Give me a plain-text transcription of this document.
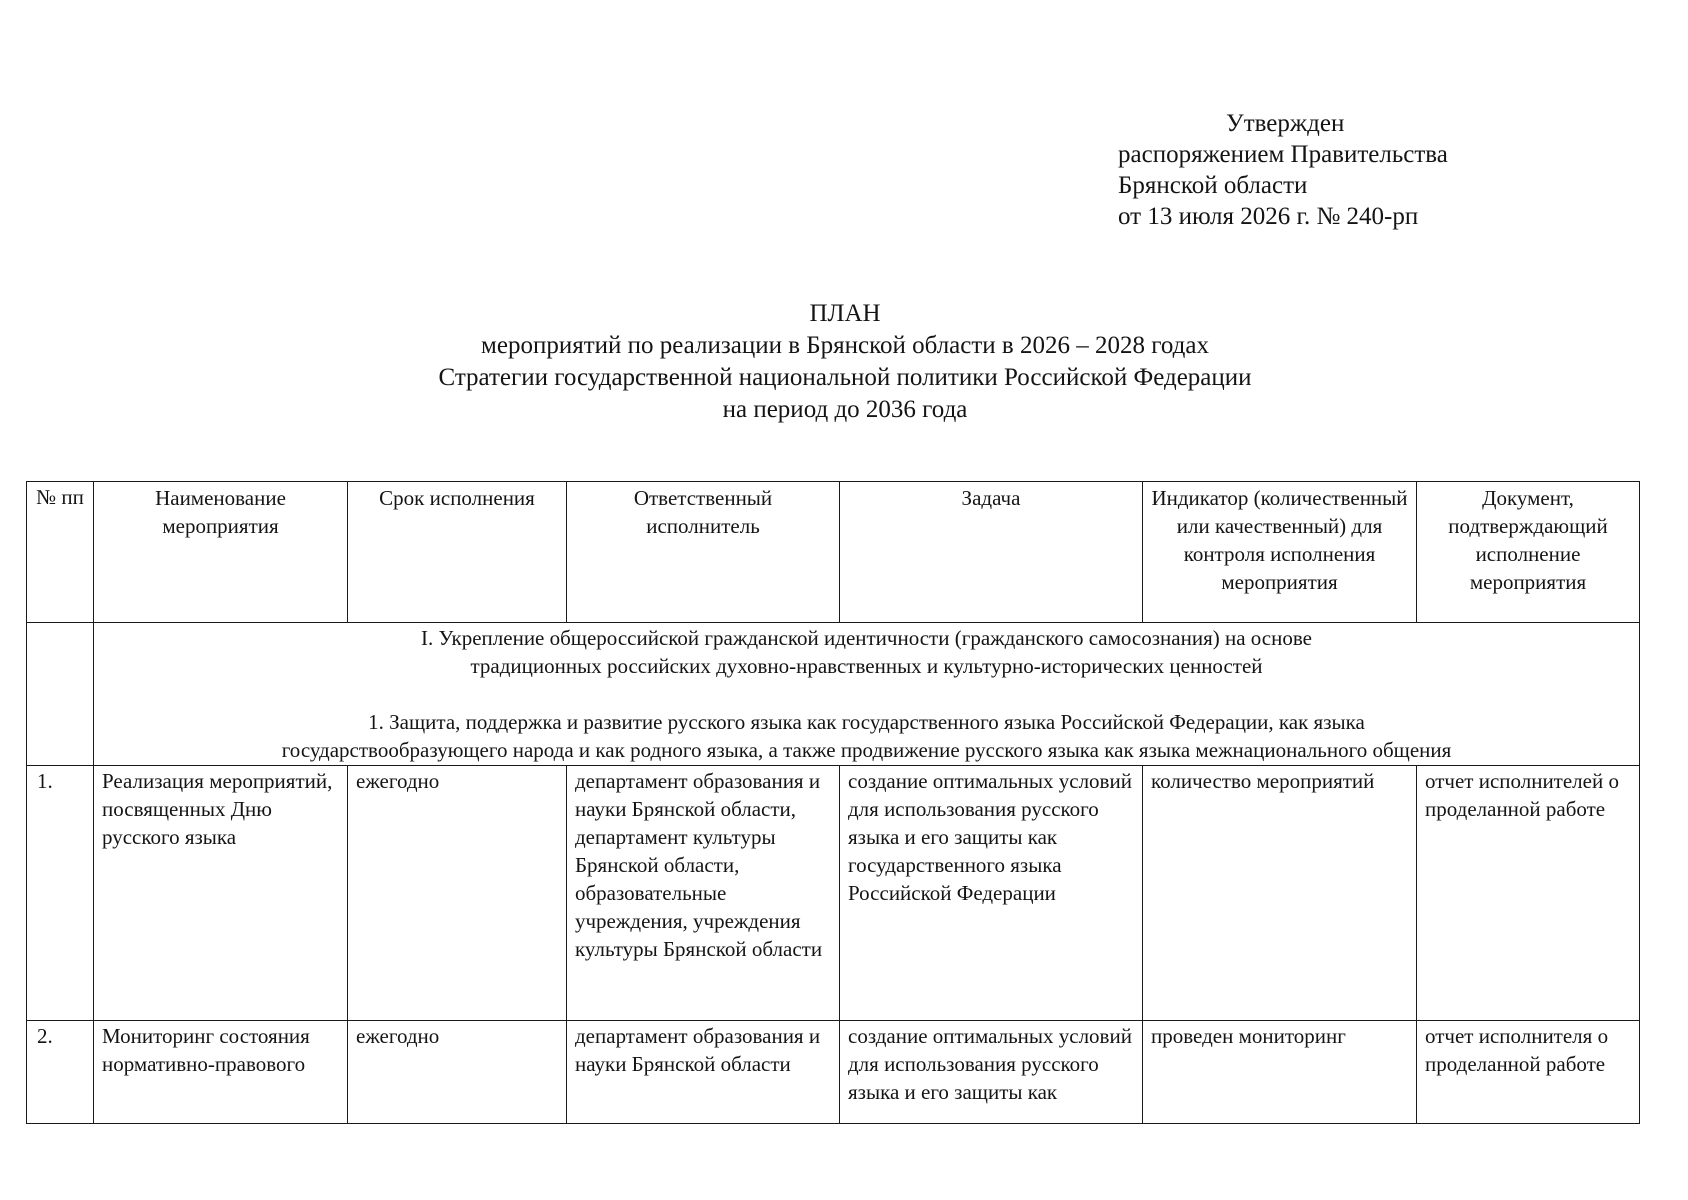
Утвержден
распоряжением Правительства
Брянской области
от 13 июля 2026 г. № 240-рп
ПЛАН
мероприятий по реализации в Брянской области в 2026 – 2028 годах
Стратегии государственной национальной политики Российской Федерации
на период до 2036 года
№ пп	Наименование мероприятия	Срок исполнения	Ответственный исполнитель	Задача	Индикатор (количественный или качественный) для контроля исполнения мероприятия	Документ, подтверждающий исполнение мероприятия

	I. Укрепление общероссийской гражданской идентичности (гражданского самосознания) на основе
традиционных российских духовно-нравственных и культурно-исторических ценностей
1. Защита, поддержка и развитие русского языка как государственного языка Российской Федерации, как языка
государствообразующего народа и как родного языка, а также продвижение русского языка как языка межнационального общения					

1.	Реализация мероприятий, посвященных Дню русского языка	ежегодно	департамент образования и науки Брянской области, департамент культуры Брянской области, образовательные учреждения, учреждения культуры Брянской области	создание оптимальных условий для использования русского языка и его защиты как государственного языка Российской Федерации	количество мероприятий	отчет исполнителей о проделанной работе
2.	Мониторинг состояния нормативно-правового	ежегодно	департамент образования и науки Брянской области	создание оптимальных условий для использования русского языка и его защиты как	проведен мониторинг	отчет исполнителя о проделанной работе
